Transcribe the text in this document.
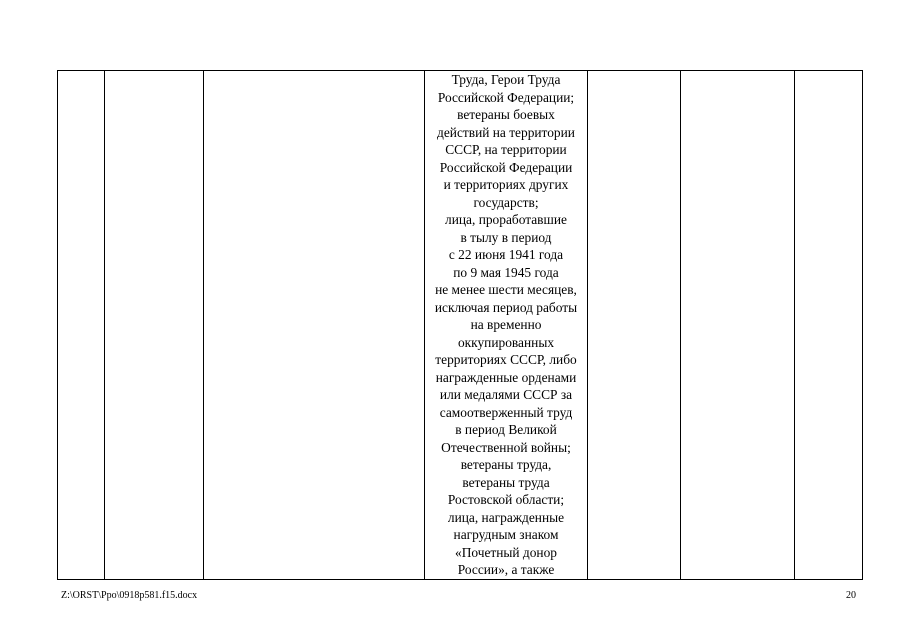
Труда, Герои Труда
Российской Федерации;
ветераны боевых
действий на территории
СССР, на территории
Российской Федерации
и территориях других
государств;
лица, проработавшие
в тылу в период
с 22 июня 1941 года
по 9 мая 1945 года
не менее шести месяцев,
исключая период работы
на временно
оккупированных
территориях СССР, либо
награжденные орденами
или медалями СССР за
самоотверженный труд
в период Великой
Отечественной войны;
ветераны труда,
ветераны труда
Ростовской области;
лица, награжденные
нагрудным знаком
«Почетный донор
России», а также

Z:\ORST\Ppo\0918p581.f15.docx	20
